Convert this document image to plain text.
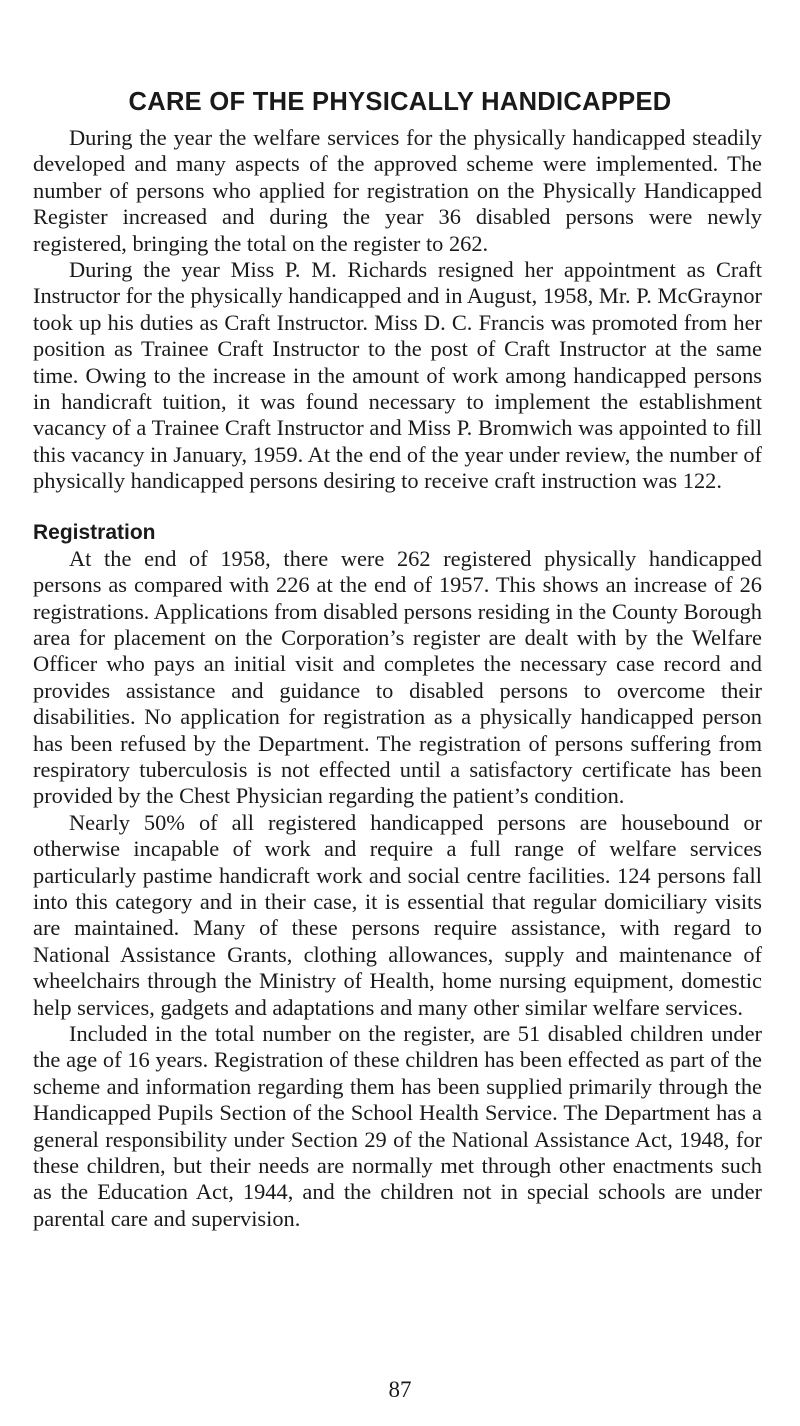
CARE OF THE PHYSICALLY HANDICAPPED

During the year the welfare services for the physically handicapped steadily developed and many aspects of the approved scheme were implemented. The number of persons who applied for registration on the Physically Handicapped Register increased and during the year 36 disabled persons were newly registered, bringing the total on the register to 262.

During the year Miss P. M. Richards resigned her appointment as Craft Instructor for the physically handicapped and in August, 1958, Mr. P. McGraynor took up his duties as Craft Instructor. Miss D. C. Francis was promoted from her position as Trainee Craft Instructor to the post of Craft Instructor at the same time. Owing to the increase in the amount of work among handicapped persons in handicraft tuition, it was found necessary to implement the establishment vacancy of a Trainee Craft Instructor and Miss P. Bromwich was appointed to fill this vacancy in January, 1959. At the end of the year under review, the number of physically handicapped persons desiring to receive craft instruction was 122.

Registration

At the end of 1958, there were 262 registered physically handicapped persons as compared with 226 at the end of 1957. This shows an increase of 26 registrations. Applications from disabled persons residing in the County Borough area for placement on the Corporation’s register are dealt with by the Welfare Officer who pays an initial visit and completes the necessary case record and provides assistance and guidance to disabled persons to overcome their disabilities. No application for registration as a physically handicapped person has been refused by the Department. The registration of persons suffering from respiratory tuberculosis is not effected until a satisfactory certificate has been provided by the Chest Physician regarding the patient’s condition.

Nearly 50% of all registered handicapped persons are housebound or otherwise incapable of work and require a full range of welfare services particularly pastime handicraft work and social centre facilities. 124 persons fall into this category and in their case, it is essential that regular domiciliary visits are maintained. Many of these persons require assistance, with regard to National Assistance Grants, clothing allowances, supply and maintenance of wheelchairs through the Ministry of Health, home nursing equipment, domestic help services, gadgets and adaptations and many other similar welfare services.

Included in the total number on the register, are 51 disabled children under the age of 16 years. Registration of these children has been effected as part of the scheme and information regarding them has been supplied primarily through the Handicapped Pupils Section of the School Health Service. The Department has a general responsibility under Section 29 of the National Assistance Act, 1948, for these children, but their needs are normally met through other enactments such as the Education Act, 1944, and the children not in special schools are under parental care and supervision.

87
